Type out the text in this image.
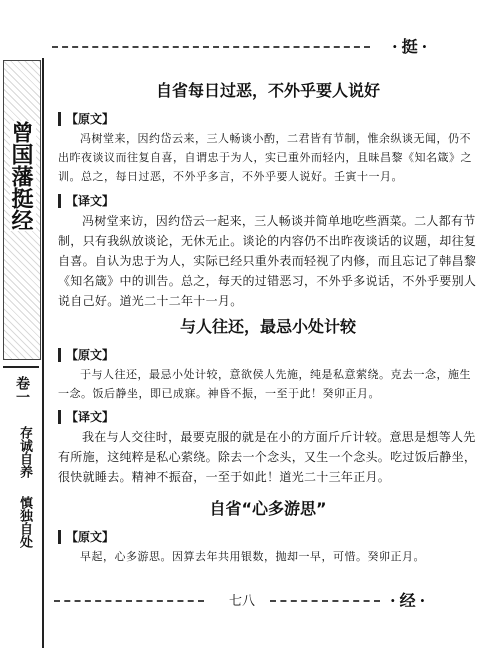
·挺·
曾国藩挺经
卷一
存诚自养
慎独自处
自省每日过恶，不外乎要人说好
【 原文 】

冯树堂来，因约岱云来，三人畅谈小酌，二君皆有节制，惟余纵谈无闻，仍不出昨夜谈议而往复自喜，自谓忠于为人，实已重外而轻内，且昧昌黎《知名箴》之训。总之，每日过恶，不外乎多言，不外乎要人说好。壬寅十一月。

【 译文 】

冯树堂来访，因约岱云一起来，三人畅谈并简单地吃些酒菜。二人都有节制，只有我纵放谈论，无休无止。谈论的内容仍不出昨夜谈话的议题，却往复自喜。自认为忠于为人，实际已经只重外表而轻视了内修，而且忘记了韩昌黎《知名箴》中的训告。总之，每天的过错恶习，不外乎多说话，不外乎要别人说自己好。道光二十二年十一月。

与人往还，最忌小处计较
【 原文 】

于与人往还，最忌小处计较，意欲侯人先施，纯是私意萦绕。克去一念，施生一念。饭后静坐，即已成寐。神昏不振，一至于此！癸卯正月。

【 译文 】

我在与人交往时，最要克服的就是在小的方面斤斤计较。意思是想等人先有所施，这纯粹是私心萦绕。除去一个念头，又生一个念头。吃过饭后静坐，很快就睡去。精神不振奋，一至于如此！道光二十三年正月。

自省“心多游思”
【 原文 】

早起，心多游思。因算去年共用银数，抛却一早，可惜。癸卯正月。

七八	·经·
